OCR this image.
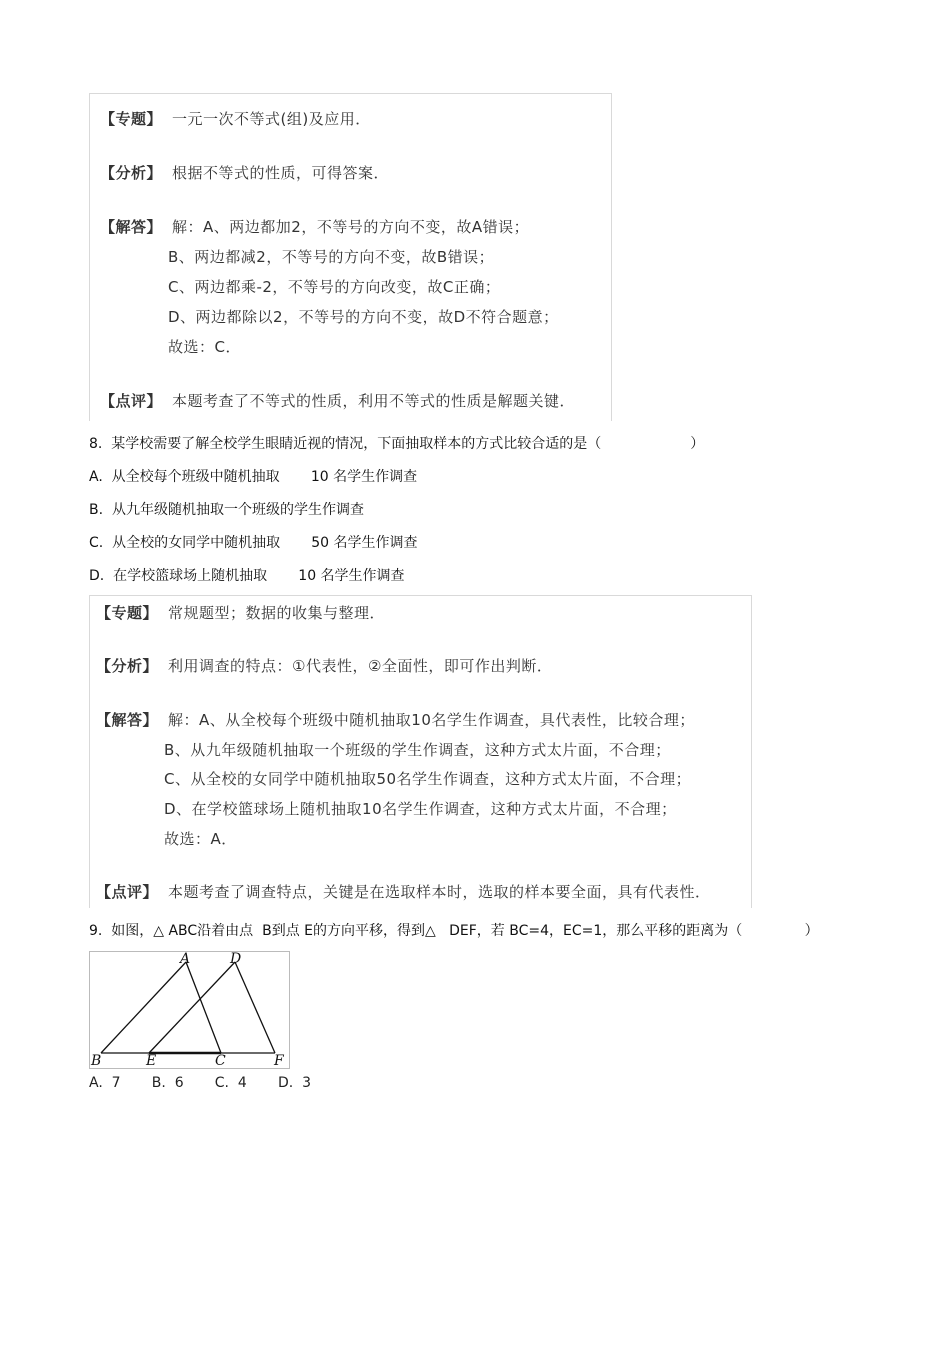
【专题】 一元一次不等式(组)及应用．
【分析】 根据不等式的性质，可得答案．
【解答】 解：A、两边都加2，不等号的方向不变，故A错误；
B、两边都减2，不等号的方向不变，故B错误；
C、两边都乘-2，不等号的方向改变，故C正确；
D、两边都除以2，不等号的方向不变，故D不符合题意；
故选：C．
【点评】 本题考查了不等式的性质，利用不等式的性质是解题关键．
8.  某学校需要了解全校学生眼睛近视的情况，下面抽取样本的方式比较合适的是（                    ）
A.  从全校每个班级中随机抽取       10 名学生作调查
B.  从九年级随机抽取一个班级的学生作调查
C.  从全校的女同学中随机抽取       50 名学生作调查
D.  在学校篮球场上随机抽取       10 名学生作调查
【专题】 常规题型；数据的收集与整理．
【分析】 利用调查的特点：①代表性，②全面性，即可作出判断．
【解答】 解：A、从全校每个班级中随机抽取10名学生作调查，具代表性，比较合理；
B、从九年级随机抽取一个班级的学生作调查，这种方式太片面，不合理；
C、从全校的女同学中随机抽取50名学生作调查，这种方式太片面，不合理；
D、在学校篮球场上随机抽取10名学生作调查，这种方式太片面，不合理；
故选：A．
【点评】 本题考查了调查特点，关键是在选取样本时，选取的样本要全面，具有代表性．
9.  如图，△ ABC沿着由点  B到点 E的方向平移，得到△   DEF，若 BC=4，EC=1，那么平移的距离为（              ）
A	D
B	E	C	F
A.  7       B.  6       C.  4       D.  3
